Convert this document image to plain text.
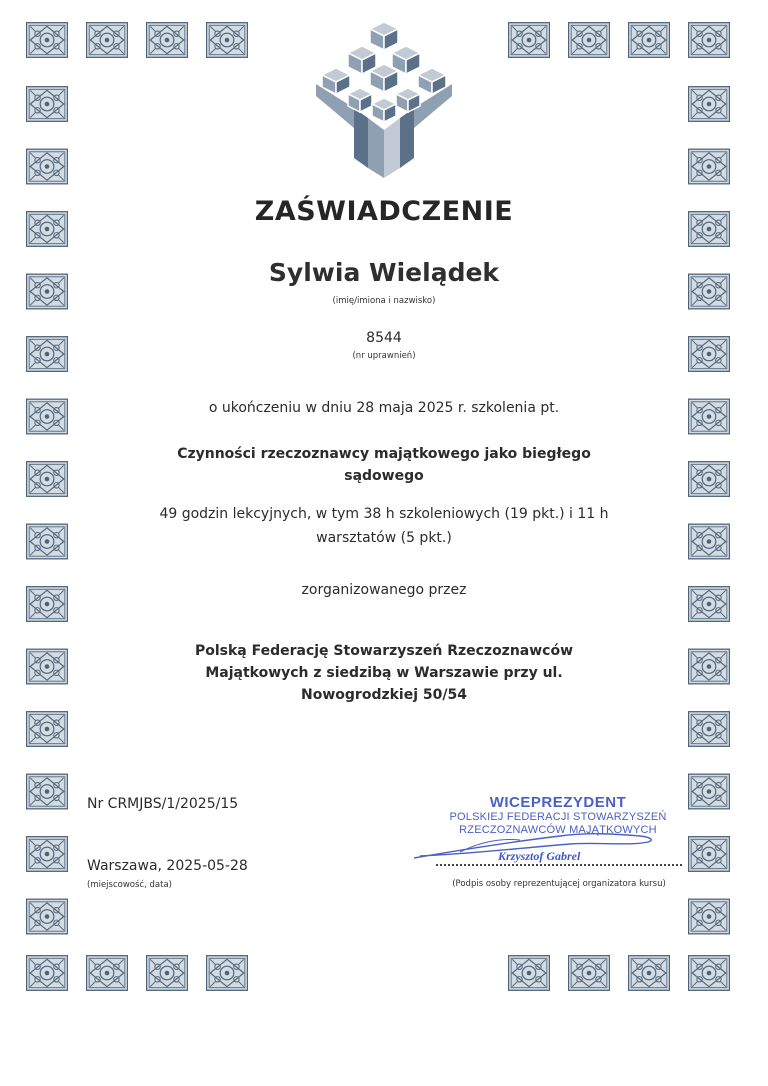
ZAŚWIADCZENIE
Sylwia Wielądek
(imię/imiona i nazwisko)
8544
(nr uprawnień)
o ukończeniu w dniu 28 maja 2025 r. szkolenia pt.
Czynności rzeczoznawcy majątkowego jako biegłego
sądowego
49 godzin lekcyjnych, w tym 38 h szkoleniowych (19 pkt.) i 11 h
warsztatów (5 pkt.)
zorganizowanego przez
Polską Federację Stowarzyszeń Rzeczoznawców
Majątkowych z siedzibą w Warszawie przy ul.
Nowogrodzkiej 50/54
Nr CRMJBS/1/2025/15
Warszawa, 2025-05-28
(miejscowość, data)
WICEPREZYDENT
POLSKIEJ FEDERACJI STOWARZYSZEŃ
RZECZOZNAWCÓW MAJĄTKOWYCH
Krzysztof Gabrel
(Podpis osoby reprezentującej organizatora kursu)
